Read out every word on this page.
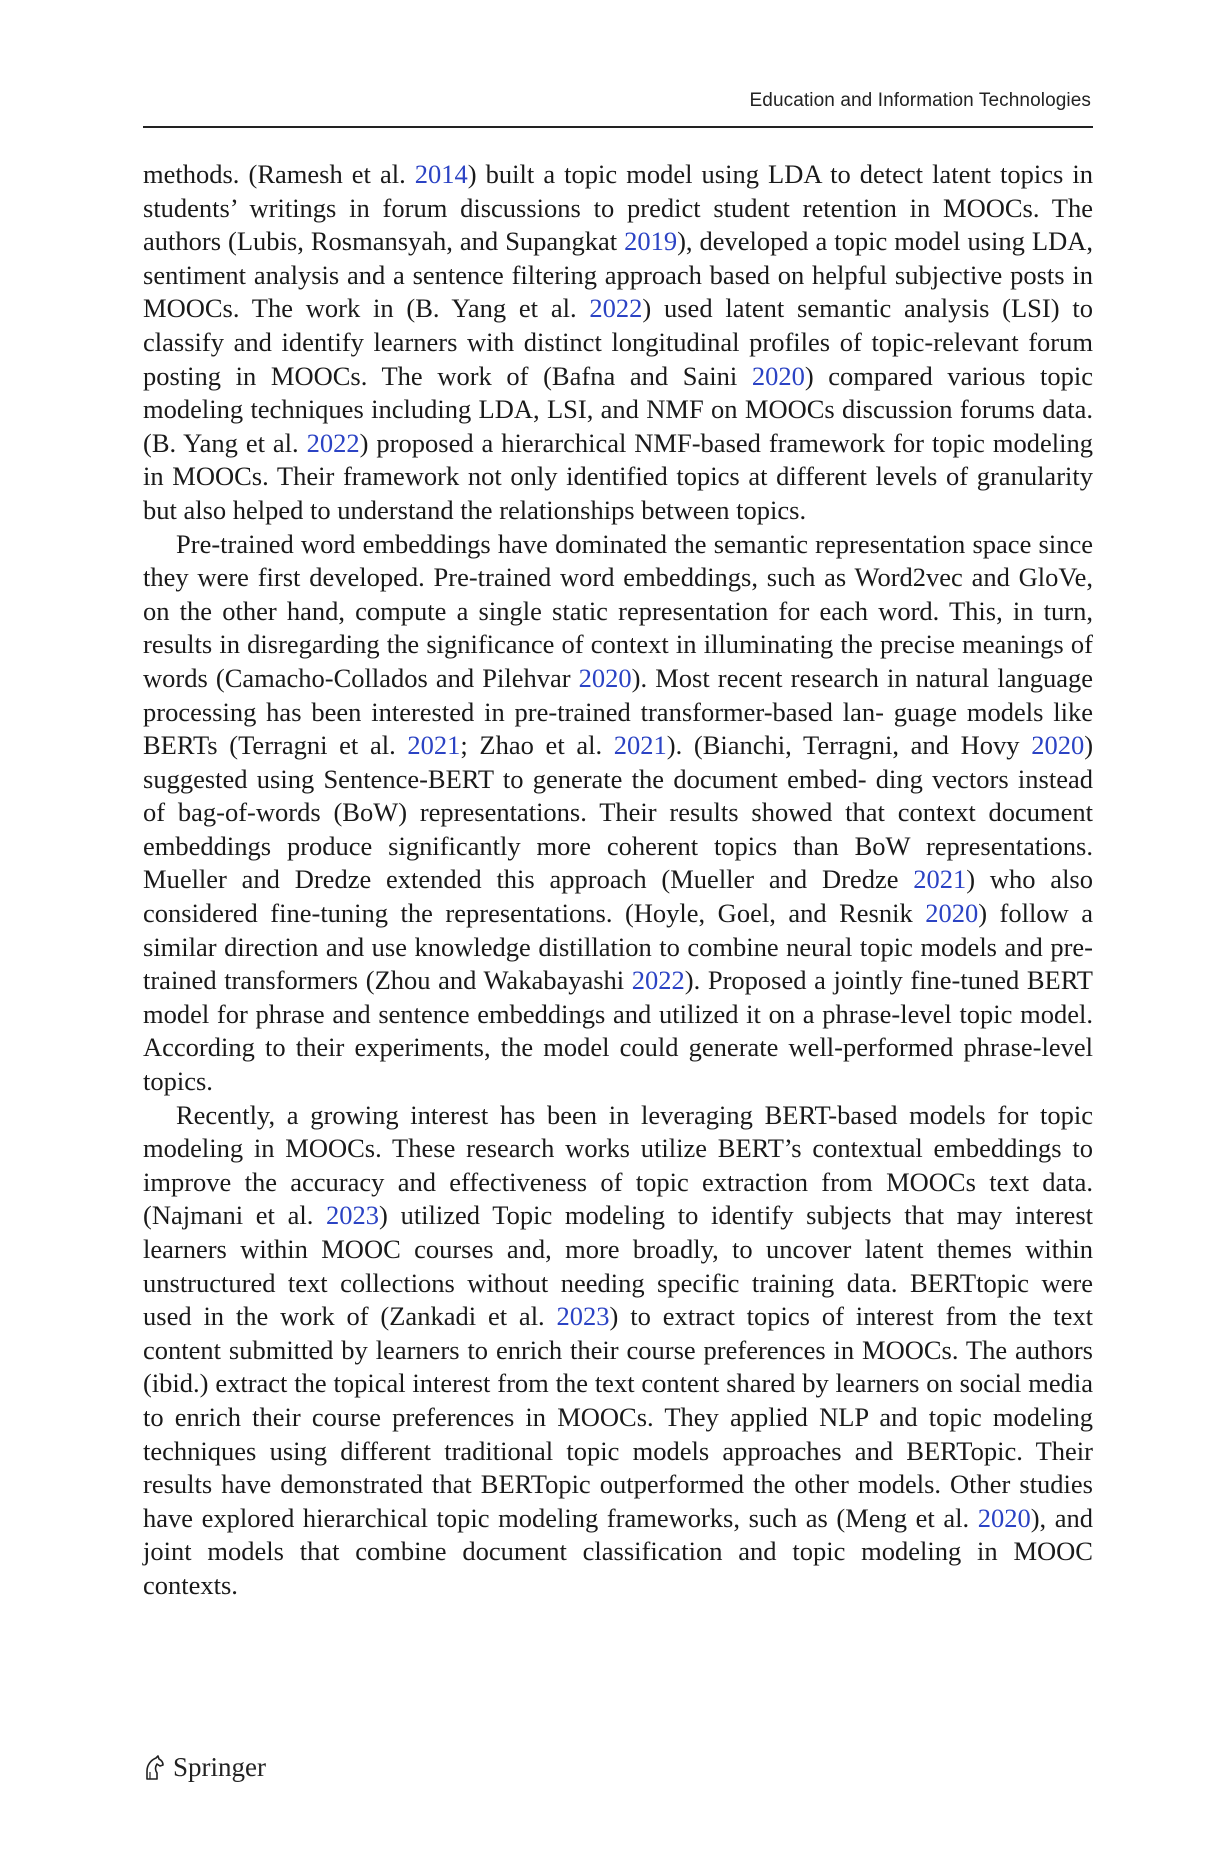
Education and Information Technologies

methods. (Ramesh et al. 2014) built a topic model using LDA to detect latent topics in students’ writings in forum discussions to predict student retention in MOOCs. The authors (Lubis, Rosmansyah, and Supangkat 2019), developed a topic model using LDA, sentiment analysis and a sentence filtering approach based on helpful subjective posts in MOOCs. The work in (B. Yang et al. 2022) used latent semantic analysis (LSI) to classify and identify learners with distinct longitudinal profiles of topic-relevant forum posting in MOOCs. The work of (Bafna and Saini 2020) compared various topic modeling techniques including LDA, LSI, and NMF on MOOCs discussion forums data. (B. Yang et al. 2022) proposed a hierarchical NMF-based framework for topic modeling in MOOCs. Their framework not only identified topics at different levels of granularity but also helped to understand the relationships between topics.

Pre-trained word embeddings have dominated the semantic representation space since they were first developed. Pre-trained word embeddings, such as Word2vec and GloVe, on the other hand, compute a single static representation for each word. This, in turn, results in disregarding the significance of context in illuminating the precise meanings of words (Camacho-Collados and Pilehvar 2020). Most recent research in natural language processing has been interested in pre-trained transformer-based lan- guage models like BERTs (Terragni et al. 2021; Zhao et al. 2021). (Bianchi, Terragni, and Hovy 2020) suggested using Sentence-BERT to generate the document embed- ding vectors instead of bag-of-words (BoW) representations. Their results showed that context document embeddings produce significantly more coherent topics than BoW representations. Mueller and Dredze extended this approach (Mueller and Dredze 2021) who also considered fine-tuning the representations. (Hoyle, Goel, and Resnik 2020) follow a similar direction and use knowledge distillation to combine neural topic models and pre-trained transformers (Zhou and Wakabayashi 2022). Proposed a jointly fine-tuned BERT model for phrase and sentence embeddings and utilized it on a phrase-level topic model. According to their experiments, the model could generate well-performed phrase-level topics.

Recently, a growing interest has been in leveraging BERT-based models for topic modeling in MOOCs. These research works utilize BERT’s contextual embeddings to improve the accuracy and effectiveness of topic extraction from MOOCs text data. (Najmani et al. 2023) utilized Topic modeling to identify subjects that may interest learners within MOOC courses and, more broadly, to uncover latent themes within unstructured text collections without needing specific training data. BERTtopic were used in the work of (Zankadi et al. 2023) to extract topics of interest from the text content submitted by learners to enrich their course preferences in MOOCs. The authors (ibid.) extract the topical interest from the text content shared by learners on social media to enrich their course preferences in MOOCs. They applied NLP and topic modeling techniques using different traditional topic models approaches and BERTopic. Their results have demonstrated that BERTopic outperformed the other models. Other studies have explored hierarchical topic modeling frameworks, such as (Meng et al. 2020), and joint models that combine document classification and topic modeling in MOOC contexts.

Springer
